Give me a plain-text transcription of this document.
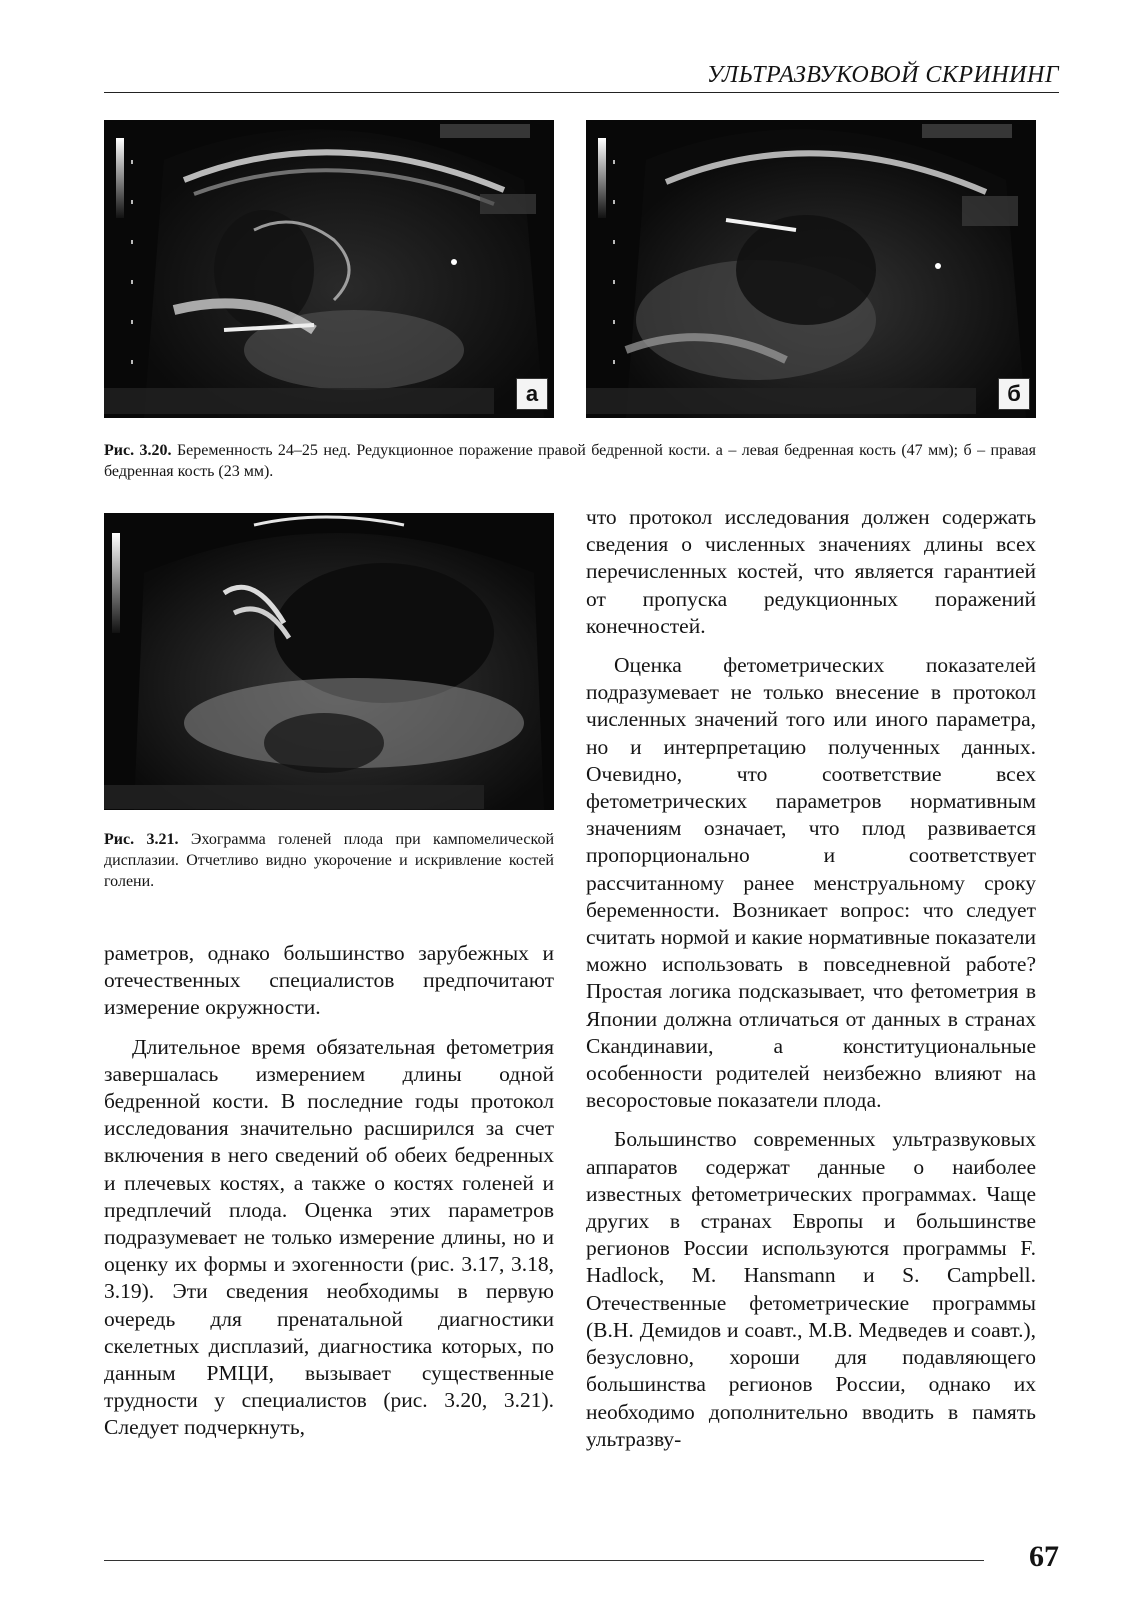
УЛЬТРАЗВУКОВОЙ СКРИНИНГ
а	б
Рис. 3.20. Беременность 24–25 нед. Редукционное поражение правой бедренной кости. а – левая бедренная кость (47 мм); б – правая бедренная кость (23 мм).
Рис. 3.21. Эхограмма голеней плода при кампомелической дисплазии. Отчетливо видно укорочение и искривление костей голени.

раметров, однако большинство зарубежных и отечественных специалистов предпочитают измерение окружности.

Длительное время обязательная фетометрия завершалась измерением длины одной бедренной кости. В последние годы протокол исследования значительно расширился за счет включения в него сведений об обеих бедренных и плечевых костях, а также о костях голеней и предплечий плода. Оценка этих параметров подразумевает не только измерение длины, но и оценку их формы и эхогенности (рис. 3.17, 3.18, 3.19). Эти сведения необходимы в первую очередь для пренатальной диагностики скелетных дисплазий, диагностика которых, по данным РМЦИ, вызывает существенные трудности у специалистов (рис. 3.20, 3.21). Следует подчеркнуть,

что протокол исследования должен содержать сведения о численных значениях длины всех перечисленных костей, что является гарантией от пропуска редукционных поражений конечностей.

Оценка фетометрических показателей подразумевает не только внесение в протокол численных значений того или иного параметра, но и интерпретацию полученных данных. Очевидно, что соответствие всех фетометрических параметров нормативным значениям означает, что плод развивается пропорционально и соответствует рассчитанному ранее менструальному сроку беременности. Возникает вопрос: что следует считать нормой и какие нормативные показатели можно использовать в повседневной работе? Простая логика подсказывает, что фетометрия в Японии должна отличаться от данных в странах Скандинавии, а конституциональные особенности родителей неизбежно влияют на весоростовые показатели плода.

Большинство современных ультразвуковых аппаратов содержат данные о наиболее известных фетометрических программах. Чаще других в странах Европы и большинстве регионов России используются программы F. Hadlock, M. Hansmann и S. Campbell. Отечественные фетометрические программы (В.Н. Демидов и соавт., М.В. Медведев и соавт.), безусловно, хороши для подавляющего большинства регионов России, однако их необходимо дополнительно вводить в память ультразву-

67
